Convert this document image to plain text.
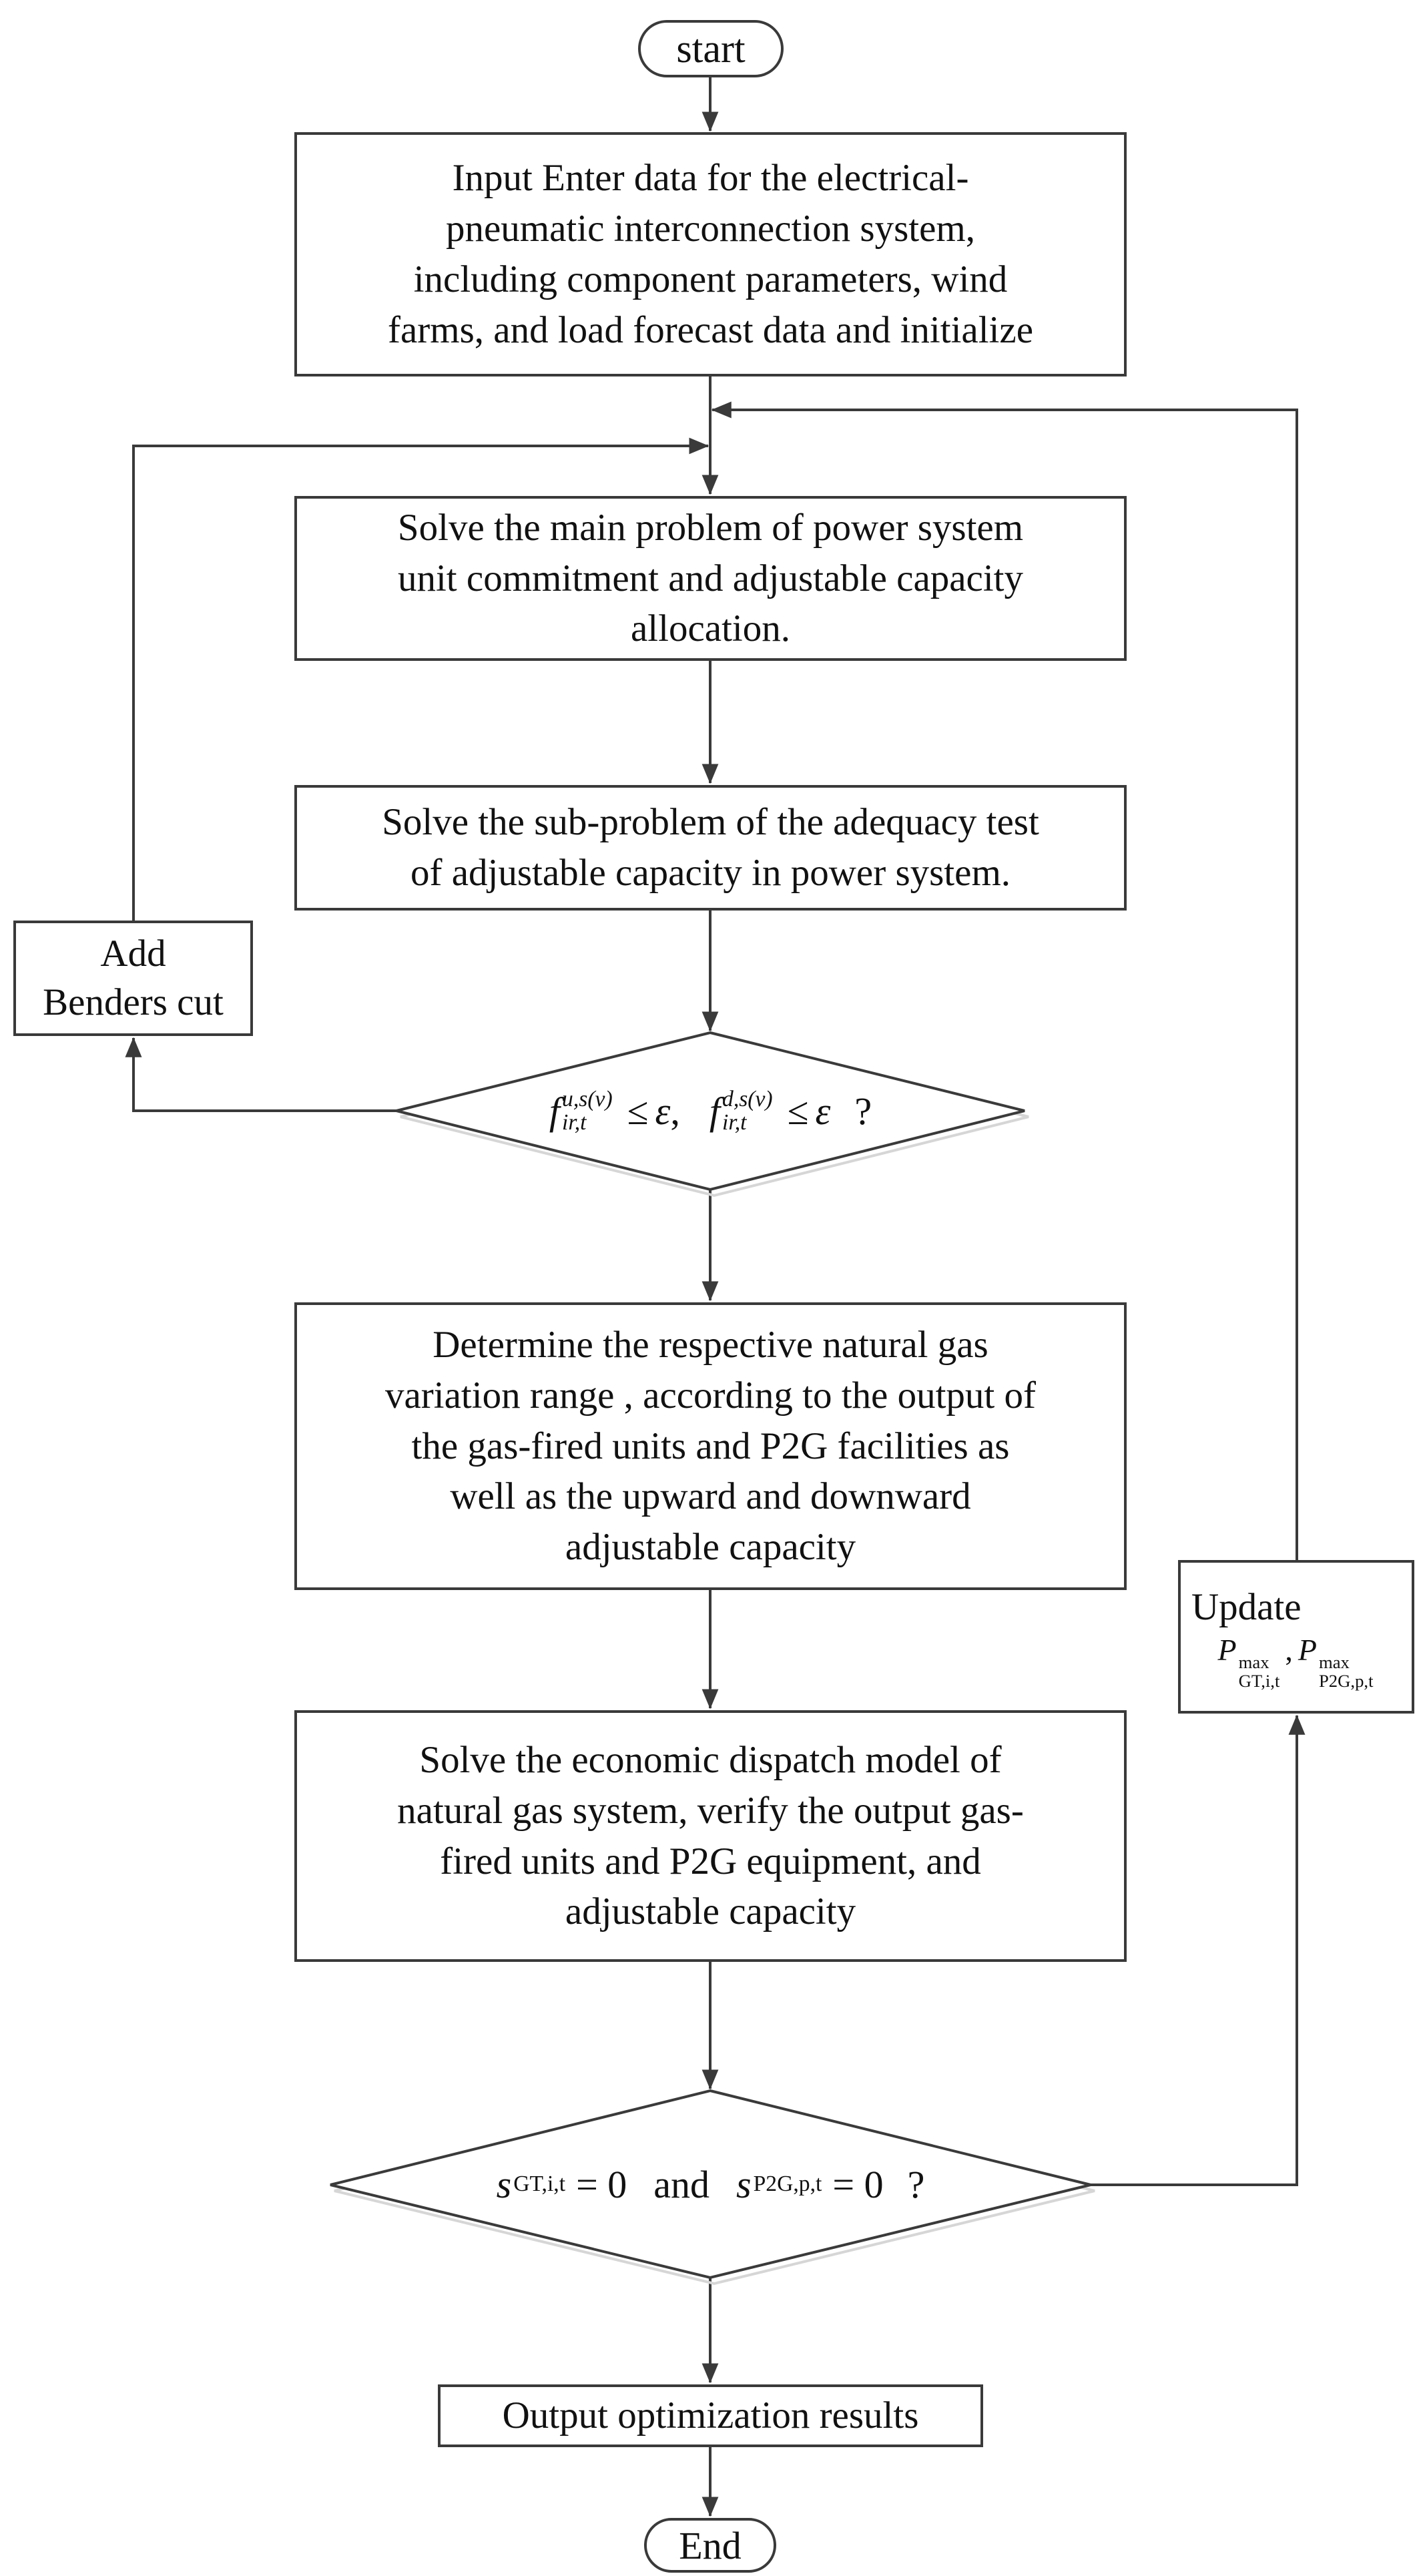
start
Input Enter data for the electrical-
pneumatic interconnection system,
including component parameters, wind
farms, and load forecast data and initialize
Solve the main problem of power system
unit commitment and adjustable capacity
allocation.
Solve the sub-problem of the adequacy test
of adjustable capacity in power system.
Add
Benders cut
f u,s(v)
ir,t ≤ ε , f d,s(v)
ir,t ≤ ε ?
Determine the respective natural gas
variation range , according to the output of
the gas-fired units and P2G facilities as
well as the upward and downward
adjustable capacity
Update
P max
GT,i,t
, P max
P2G,p,t
Solve the economic dispatch model of
natural gas system, verify the output gas-
fired units and P2G equipment, and
adjustable capacity
s GT,i,t = 0 and s P2G,p,t = 0 ?
Output optimization results
End
